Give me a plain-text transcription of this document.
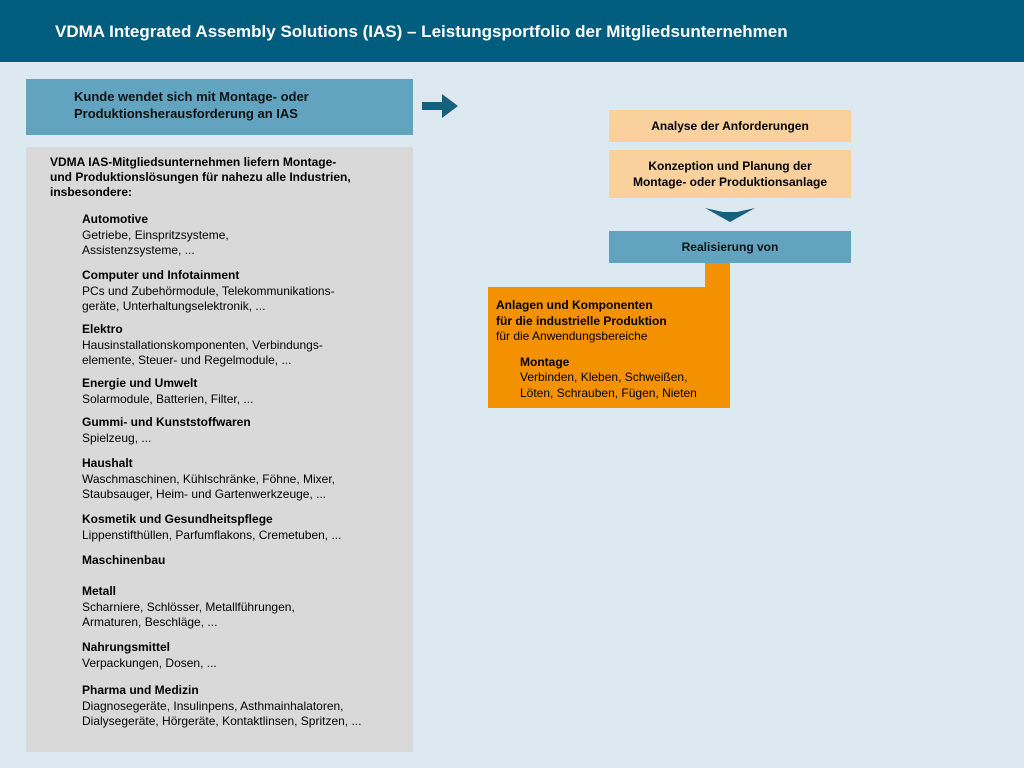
VDMA Integrated Assembly Solutions (IAS) – Leistungsportfolio der Mitgliedsunternehmen
Kunde wendet sich mit Montage- oder
Produktionsherausforderung an IAS
VDMA IAS-Mitgliedsunternehmen liefern Montage-
und Produktionslösungen für nahezu alle Industrien,
insbesondere:
Automotive
Getriebe, Einspritzsysteme,
Assistenzsysteme, ...
Computer und Infotainment
PCs und Zubehörmodule, Telekommunikations-
geräte, Unterhaltungselektronik, ...
Elektro
Hausinstallationskomponenten, Verbindungs-
elemente, Steuer- und Regelmodule, ...
Energie und Umwelt
Solarmodule, Batterien, Filter, ...
Gummi- und Kunststoffwaren
Spielzeug, ...
Haushalt
Waschmaschinen, Kühlschränke, Föhne, Mixer,
Staubsauger, Heim- und Gartenwerkzeuge, ...
Kosmetik und Gesundheitspflege
Lippenstifthüllen, Parfumflakons, Cremetuben, ...
Maschinenbau
Metall
Scharniere, Schlösser, Metallführungen,
Armaturen, Beschläge, ...
Nahrungsmittel
Verpackungen, Dosen, ...
Pharma und Medizin
Diagnosegeräte, Insulinpens, Asthmainhalatoren,
Dialysegeräte, Hörgeräte, Kontaktlinsen, Spritzen, ...
Analyse der Anforderungen
Konzeption und Planung der
Montage- oder Produktionsanlage
Realisierung von
Anlagen und Komponenten
für die industrielle Produktion
für die Anwendungsbereiche
Montage
Verbinden, Kleben, Schweißen,
Löten, Schrauben, Fügen, Nieten
